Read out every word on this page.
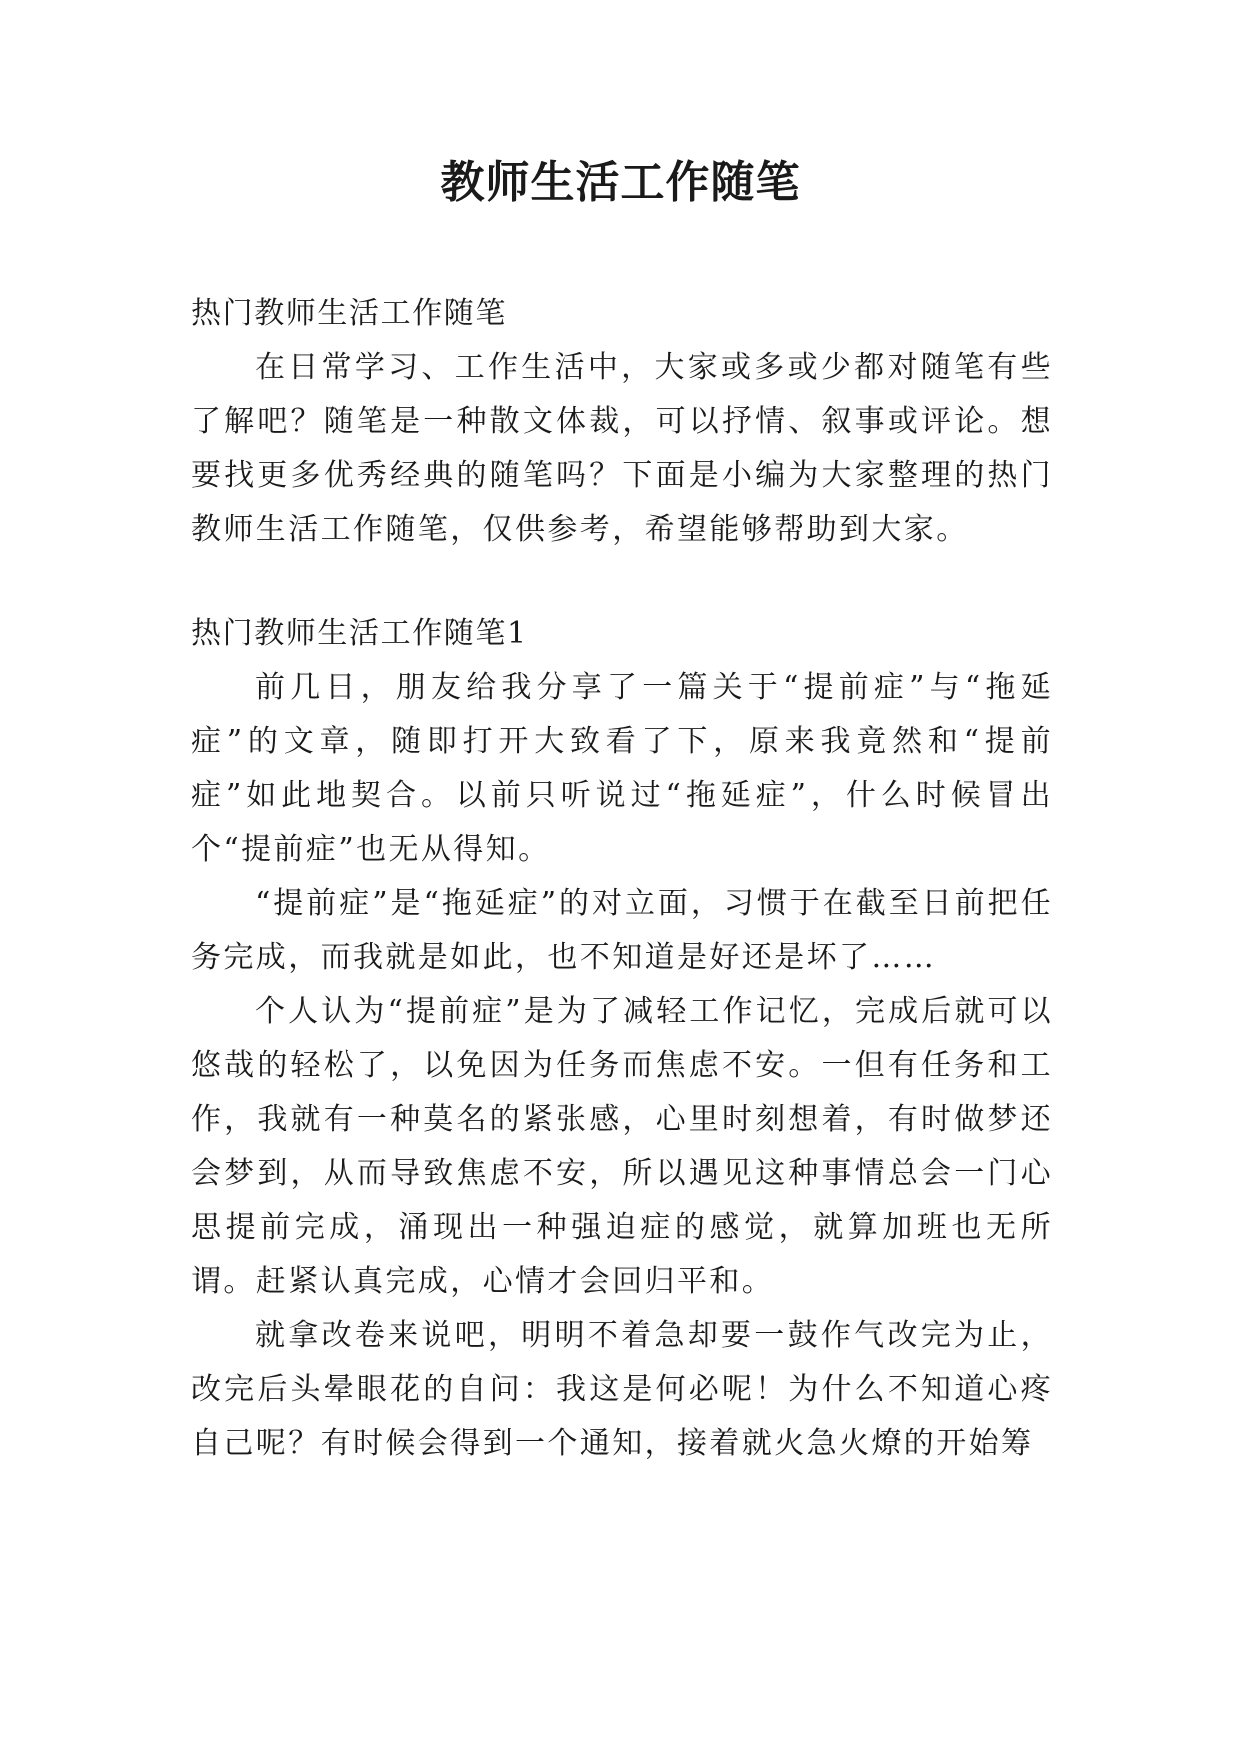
教师生活工作随笔

热门教师生活工作随笔

在日常学习、工作生活中，大家或多或少都对随笔有些了解吧？随笔是一种散文体裁，可以抒情、叙事或评论。想要找更多优秀经典的随笔吗？下面是小编为大家整理的热门教师生活工作随笔，仅供参考，希望能够帮助到大家。

热门教师生活工作随笔1

前几日，朋友给我分享了一篇关于“提前症”与“拖延症”的文章，随即打开大致看了下，原来我竟然和“提前症”如此地契合。以前只听说过“拖延症”，什么时候冒出个“提前症”也无从得知。

“提前症”是“拖延症”的对立面，习惯于在截至日前把任务完成，而我就是如此，也不知道是好还是坏了……

个人认为“提前症”是为了减轻工作记忆，完成后就可以悠哉的轻松了，以免因为任务而焦虑不安。一但有任务和工作，我就有一种莫名的紧张感，心里时刻想着，有时做梦还会梦到，从而导致焦虑不安，所以遇见这种事情总会一门心思提前完成，涌现出一种强迫症的感觉，就算加班也无所谓。赶紧认真完成，心情才会回归平和。

就拿改卷来说吧，明明不着急却要一鼓作气改完为止，改完后头晕眼花的自问：我这是何必呢！为什么不知道心疼自己呢？有时候会得到一个通知，接着就火急火燎的开始筹
